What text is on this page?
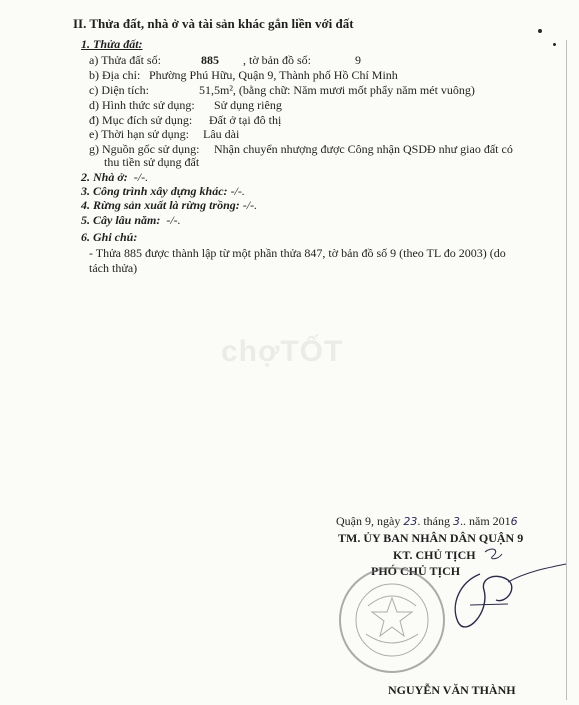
II. Thửa đất, nhà ở và tài sản khác gắn liền với đất
1. Thửa đất:
a) Thửa đất số:	885 , tờ bản đồ số:	9
b) Địa chỉ: Phường Phú Hữu, Quận 9, Thành phố Hồ Chí Minh
c) Diện tích:	51,5m², (bằng chữ: Năm mươi mốt phẩy năm mét vuông)
d) Hình thức sử dụng: Sử dụng riêng
đ) Mục đích sử dụng: Đất ở tại đô thị
e) Thời hạn sử dụng: Lâu dài
g) Nguồn gốc sử dụng: Nhận chuyển nhượng được Công nhận QSDĐ như giao đất có
thu tiền sử dụng đất
2. Nhà ở: -/-.
3. Công trình xây dựng khác: -/-.
4. Rừng sản xuất là rừng trồng: -/-.
5. Cây lâu năm: -/-.
6. Ghi chú:
- Thửa 885 được thành lập từ một phần thửa 847, tờ bản đồ số 9 (theo TL đo 2003) (do
tách thửa)
chợTỐT
Quận 9, ngày 23. tháng 3.. năm 2016
TM. ỦY BAN NHÂN DÂN QUẬN 9
KT. CHỦ TỊCH
PHÓ CHỦ TỊCH
NGUYỄN VĂN THÀNH
